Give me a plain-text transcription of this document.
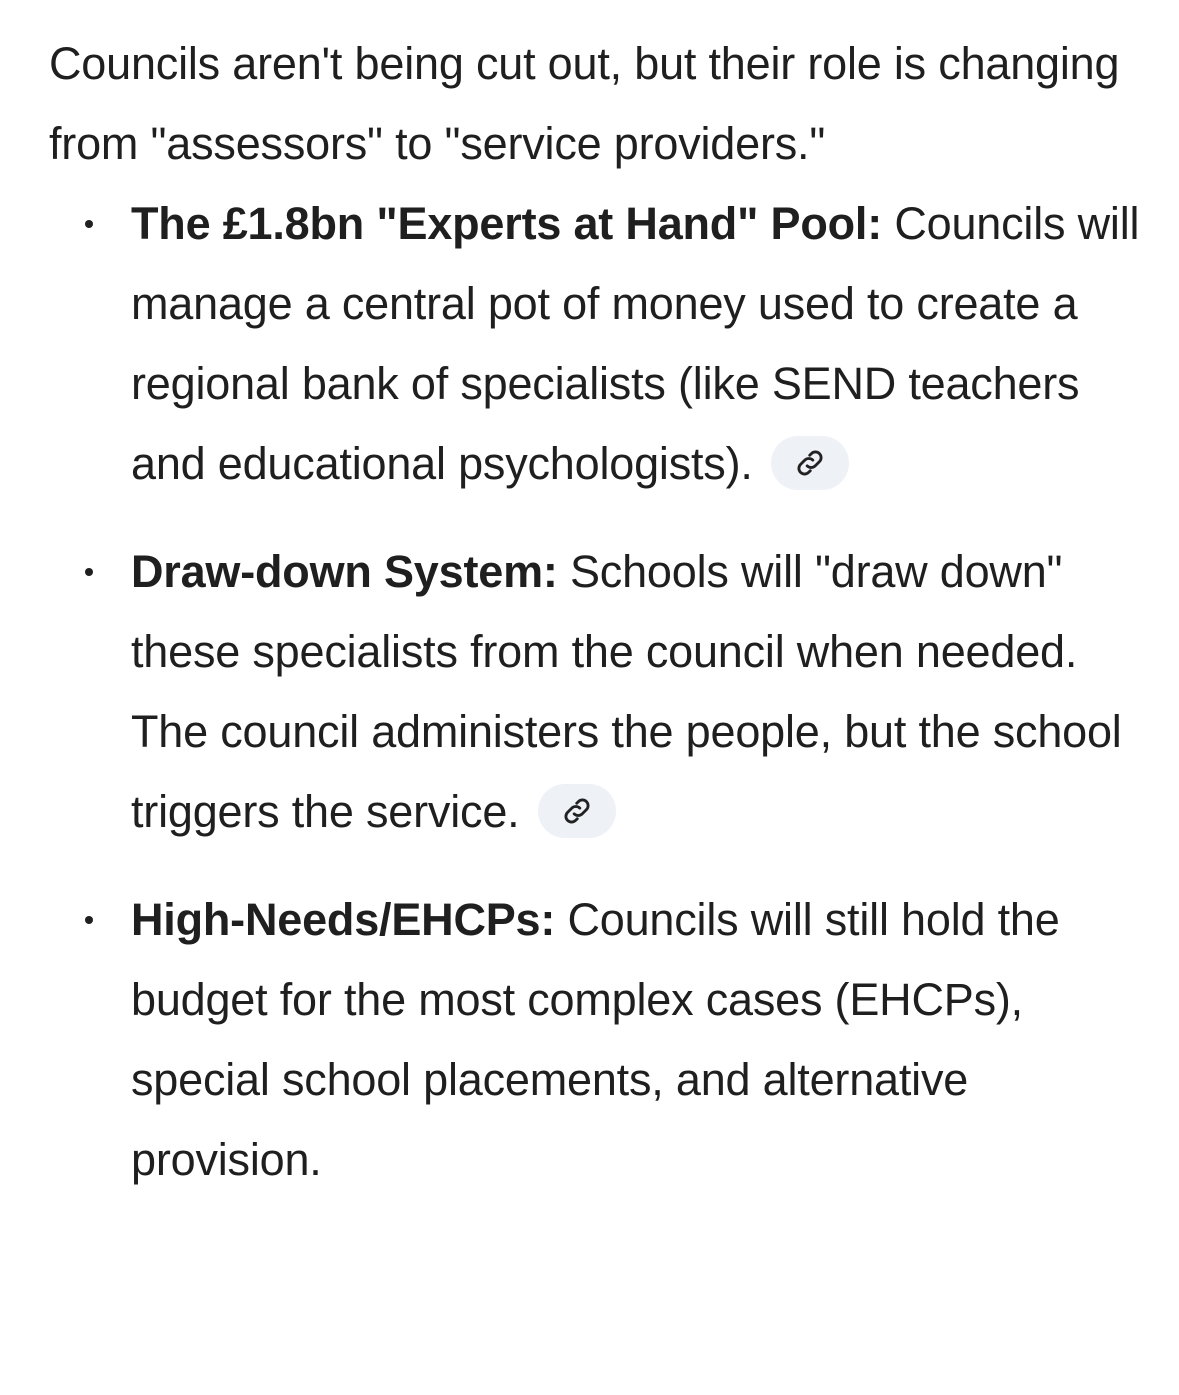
Councils aren't being cut out, but their role is changing from "assessors" to "service providers."

The £1.8bn "Experts at Hand" Pool: Councils will manage a central pot of money used to create a regional bank of specialists (like SEND teachers and educational psychologists).
Draw-down System: Schools will "draw down" these specialists from the council when needed. The council administers the people, but the school triggers the service.
High-Needs/EHCPs: Councils will still hold the budget for the most complex cases (EHCPs), special school placements, and alternative provision.
